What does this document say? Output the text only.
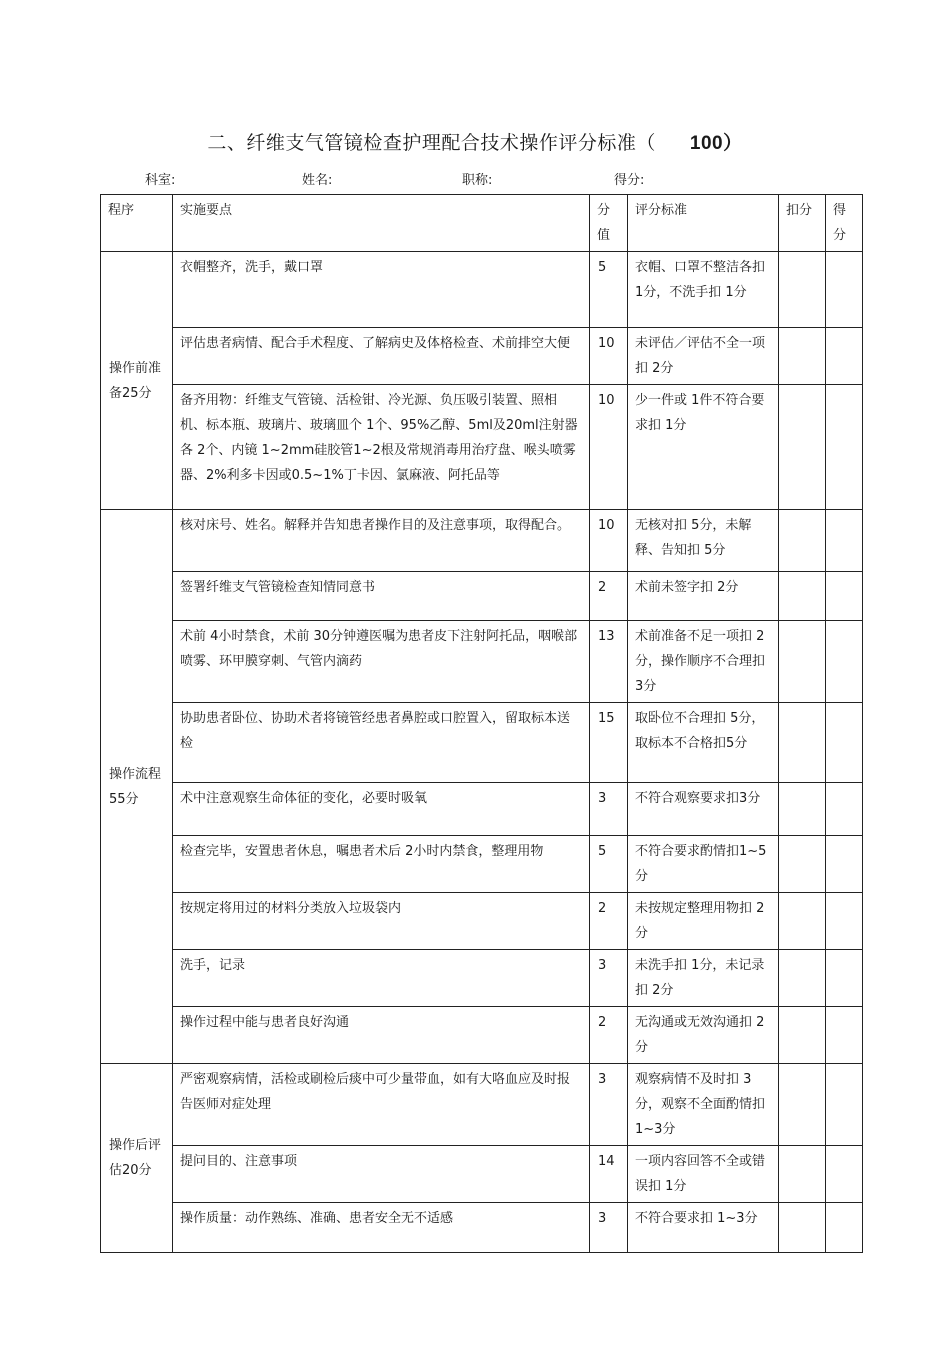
二、纤维支气管镜检查护理配合技术操作评分标准（ 100）
科室:	姓名:	职称:	得分:
程序	实施要点	分值	评分标准	扣分	得分
操作前准备25分	衣帽整齐，洗手，戴口罩	5	衣帽、口罩不整洁各扣 1分，不洗手扣 1分		
	评估患者病情、配合手术程度、了解病史及体格检查、术前排空大便	10	未评估／评估不全一项扣 2分		
	备齐用物：纤维支气管镜、活检钳、冷光源、负压吸引装置、照相机、标本瓶、玻璃片、玻璃皿个 1个、95%乙醇、5ml及20ml注射器各 2个、内镜 1~2mm硅胶管1~2根及常规消毒用治疗盘、喉头喷雾器、2%利多卡因或0.5~1%丁卡因、氯麻液、阿托品等	10	少一件或 1件不符合要求扣 1分		
操作流程55分	核对床号、姓名。解释并告知患者操作目的及注意事项，取得配合。	10	无核对扣 5分，未解释、告知扣 5分		
	签署纤维支气管镜检查知情同意书	2	术前未签字扣 2分		
	术前 4小时禁食，术前 30分钟遵医嘱为患者皮下注射阿托品，咽喉部喷雾、环甲膜穿刺、气管内滴药	13	术前准备不足一项扣 2分，操作顺序不合理扣 3分		
	协助患者卧位、协助术者将镜管经患者鼻腔或口腔置入，留取标本送检	15	取卧位不合理扣 5分，取标本不合格扣5分		
	术中注意观察生命体征的变化，必要时吸氧	3	不符合观察要求扣3分		
	检查完毕，安置患者休息，嘱患者术后 2小时内禁食，整理用物	5	不符合要求酌情扣1~5分		
	按规定将用过的材料分类放入垃圾袋内	2	未按规定整理用物扣 2分		
	洗手，记录	3	未洗手扣 1分，未记录扣 2分		
	操作过程中能与患者良好沟通	2	无沟通或无效沟通扣 2分		
操作后评估20分	严密观察病情，活检或刷检后痰中可少量带血，如有大咯血应及时报告医师对症处理	3	观察病情不及时扣 3分，观察不全面酌情扣 1~3分		
	提问目的、注意事项	14	一项内容回答不全或错误扣 1分		
	操作质量：动作熟练、准确、患者安全无不适感	3	不符合要求扣 1~3分		
